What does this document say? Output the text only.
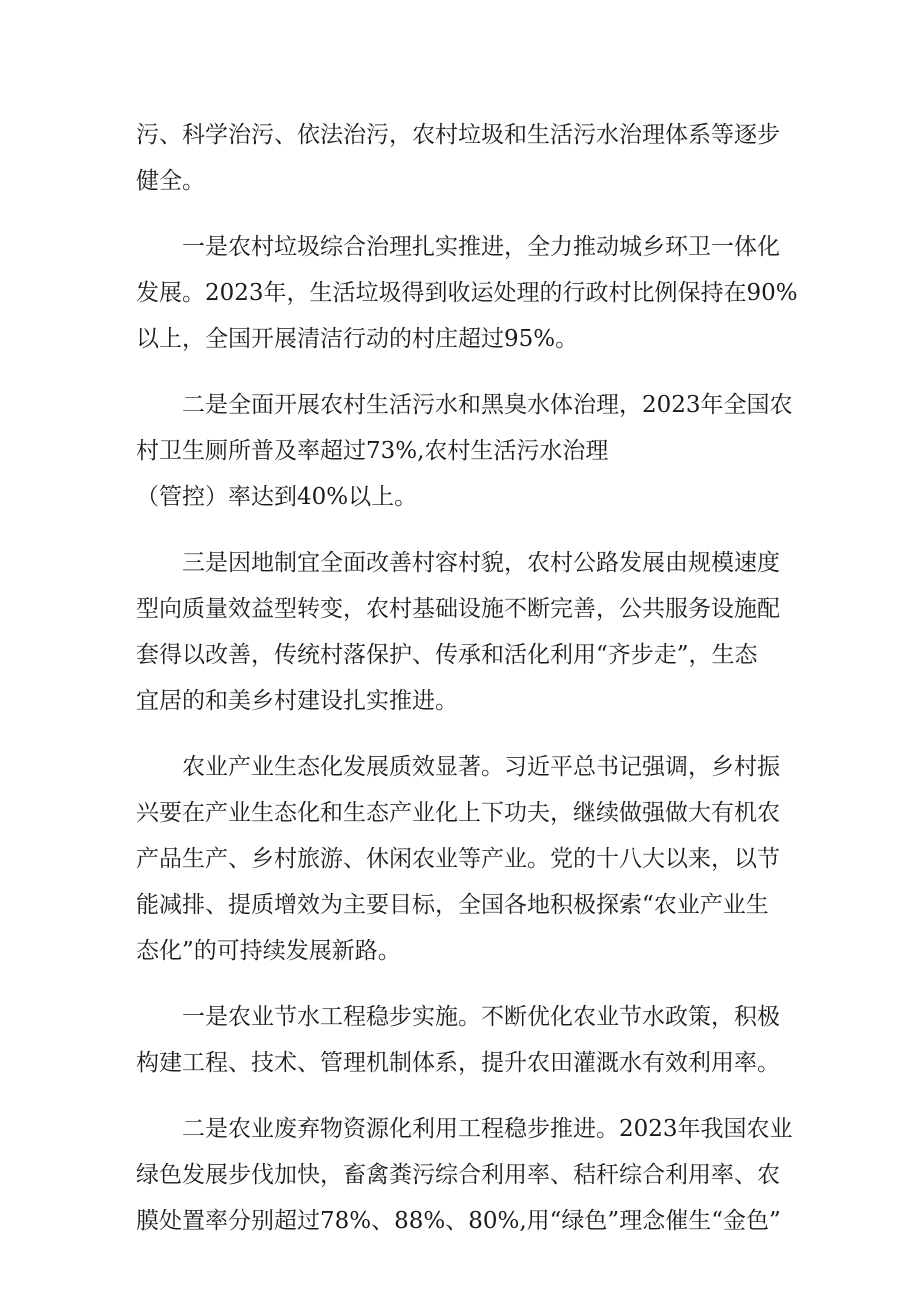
污、科学治污、依法治污，农村垃圾和生活污水治理体系等逐步
健全。

一是农村垃圾综合治理扎实推进，全力推动城乡环卫一体化
发展。2023年，生活垃圾得到收运处理的行政村比例保持在90%
以上，全国开展清洁行动的村庄超过95%。

二是全面开展农村生活污水和黑臭水体治理，2023年全国农
村卫生厕所普及率超过73%,农村生活污水治理
（管控）率达到40%以上。

三是因地制宜全面改善村容村貌，农村公路发展由规模速度
型向质量效益型转变，农村基础设施不断完善，公共服务设施配
套得以改善，传统村落保护、传承和活化利用“齐步走”，生态
宜居的和美乡村建设扎实推进。

农业产业生态化发展质效显著。习近平总书记强调，乡村振
兴要在产业生态化和生态产业化上下功夫，继续做强做大有机农
产品生产、乡村旅游、休闲农业等产业。党的十八大以来，以节
能减排、提质增效为主要目标，全国各地积极探索“农业产业生
态化”的可持续发展新路。

一是农业节水工程稳步实施。不断优化农业节水政策，积极
构建工程、技术、管理机制体系，提升农田灌溉水有效利用率。

二是农业废弃物资源化利用工程稳步推进。2023年我国农业
绿色发展步伐加快，畜禽粪污综合利用率、秸秆综合利用率、农
膜处置率分别超过78%、88%、80%,用“绿色”理念催生“金色”
